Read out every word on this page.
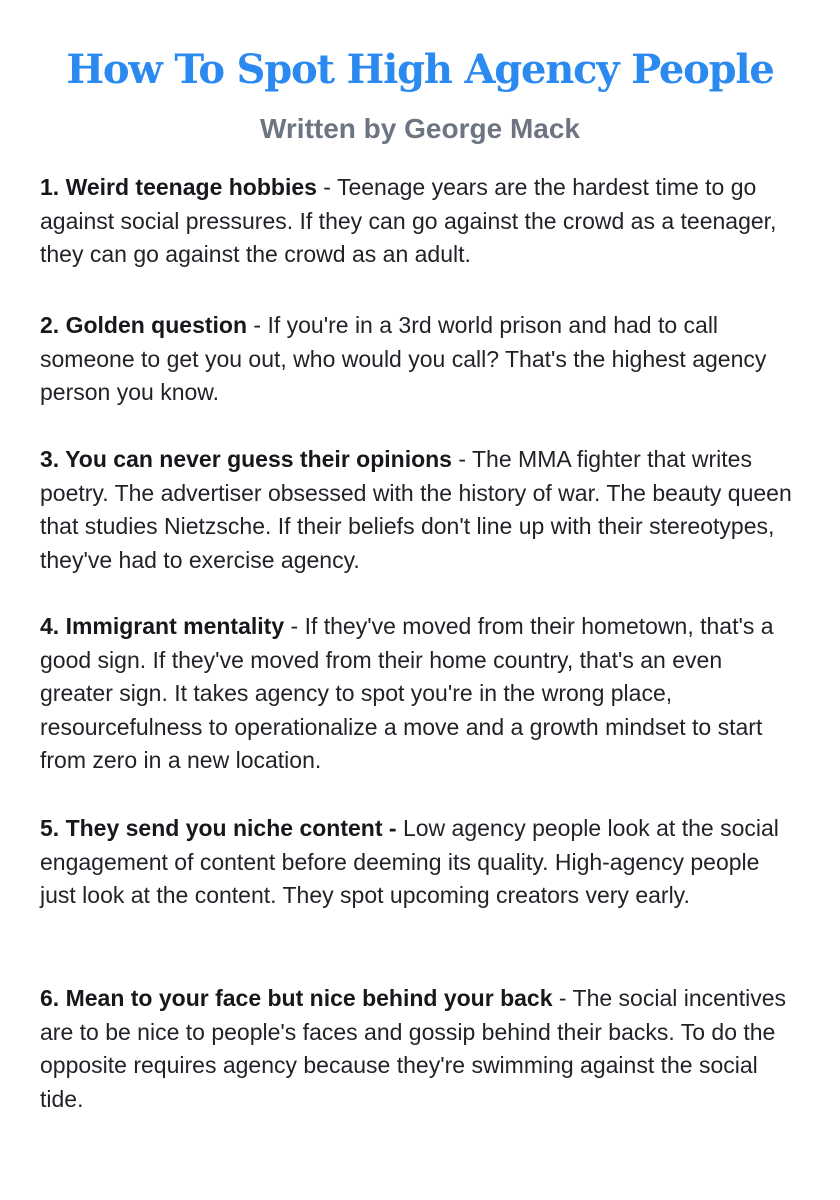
How To Spot High Agency People
Written by George Mack

1. Weird teenage hobbies - Teenage years are the hardest time to go against social pressures. If they can go against the crowd as a teenager, they can go against the crowd as an adult.

2. Golden question - If you're in a 3rd world prison and had to call someone to get you out, who would you call? That's the highest agency person you know.

3. You can never guess their opinions - The MMA fighter that writes poetry. The advertiser obsessed with the history of war. The beauty queen that studies Nietzsche. If their beliefs don't line up with their stereotypes, they've had to exercise agency.

4. Immigrant mentality - If they've moved from their hometown, that's a good sign. If they've moved from their home country, that's an even greater sign. It takes agency to spot you're in the wrong place, resourcefulness to operationalize a move and a growth mindset to start from zero in a new location.

5. They send you niche content - Low agency people look at the social engagement of content before deeming its quality. High-agency people just look at the content. They spot upcoming creators very early.

6. Mean to your face but nice behind your back - The social incentives are to be nice to people's faces and gossip behind their backs. To do the opposite requires agency because they're swimming against the social tide.
